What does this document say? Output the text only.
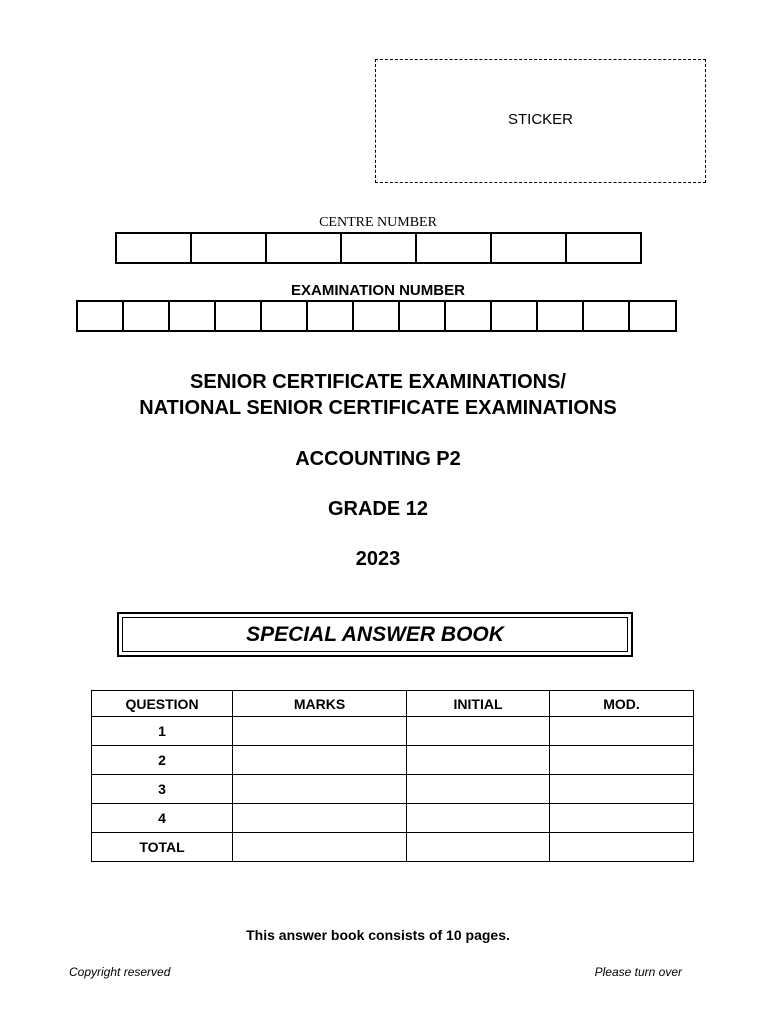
STICKER
CENTRE NUMBER
EXAMINATION NUMBER
SENIOR CERTIFICATE EXAMINATIONS/
NATIONAL SENIOR CERTIFICATE EXAMINATIONS
ACCOUNTING P2
GRADE 12
2023
SPECIAL ANSWER BOOK
QUESTION	MARKS	INITIAL	MOD.
1			
2			
3			
4			
TOTAL			
This answer book consists of 10 pages.
Copyright reserved	Please turn over
